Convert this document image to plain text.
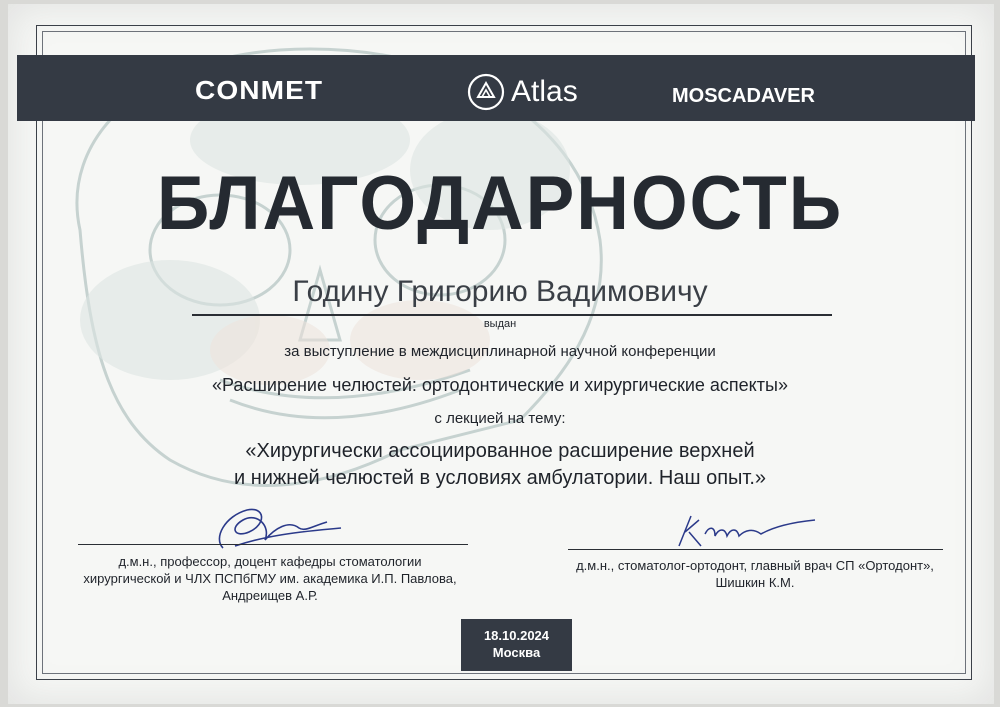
CONMET	Atlas	MOSCADAVER
БЛАГОДАРНОСТЬ
Годину Григорию Вадимовичу
выдан
за выступление в междисциплинарной научной конференции
«Расширение челюстей: ортодонтические и хирургические аспекты»
с лекцией на тему:
«Хирургически ассоциированное расширение верхней
и нижней челюстей в условиях амбулатории. Наш опыт.»
д.м.н., профессор, доцент кафедры стоматологии
хирургической и ЧЛХ ПСПбГМУ им. академика И.П. Павлова,
Андреищев А.Р.
д.м.н., стоматолог-ортодонт, главный врач СП «Ортодонт»,
Шишкин К.М.
18.10.2024
Москва
